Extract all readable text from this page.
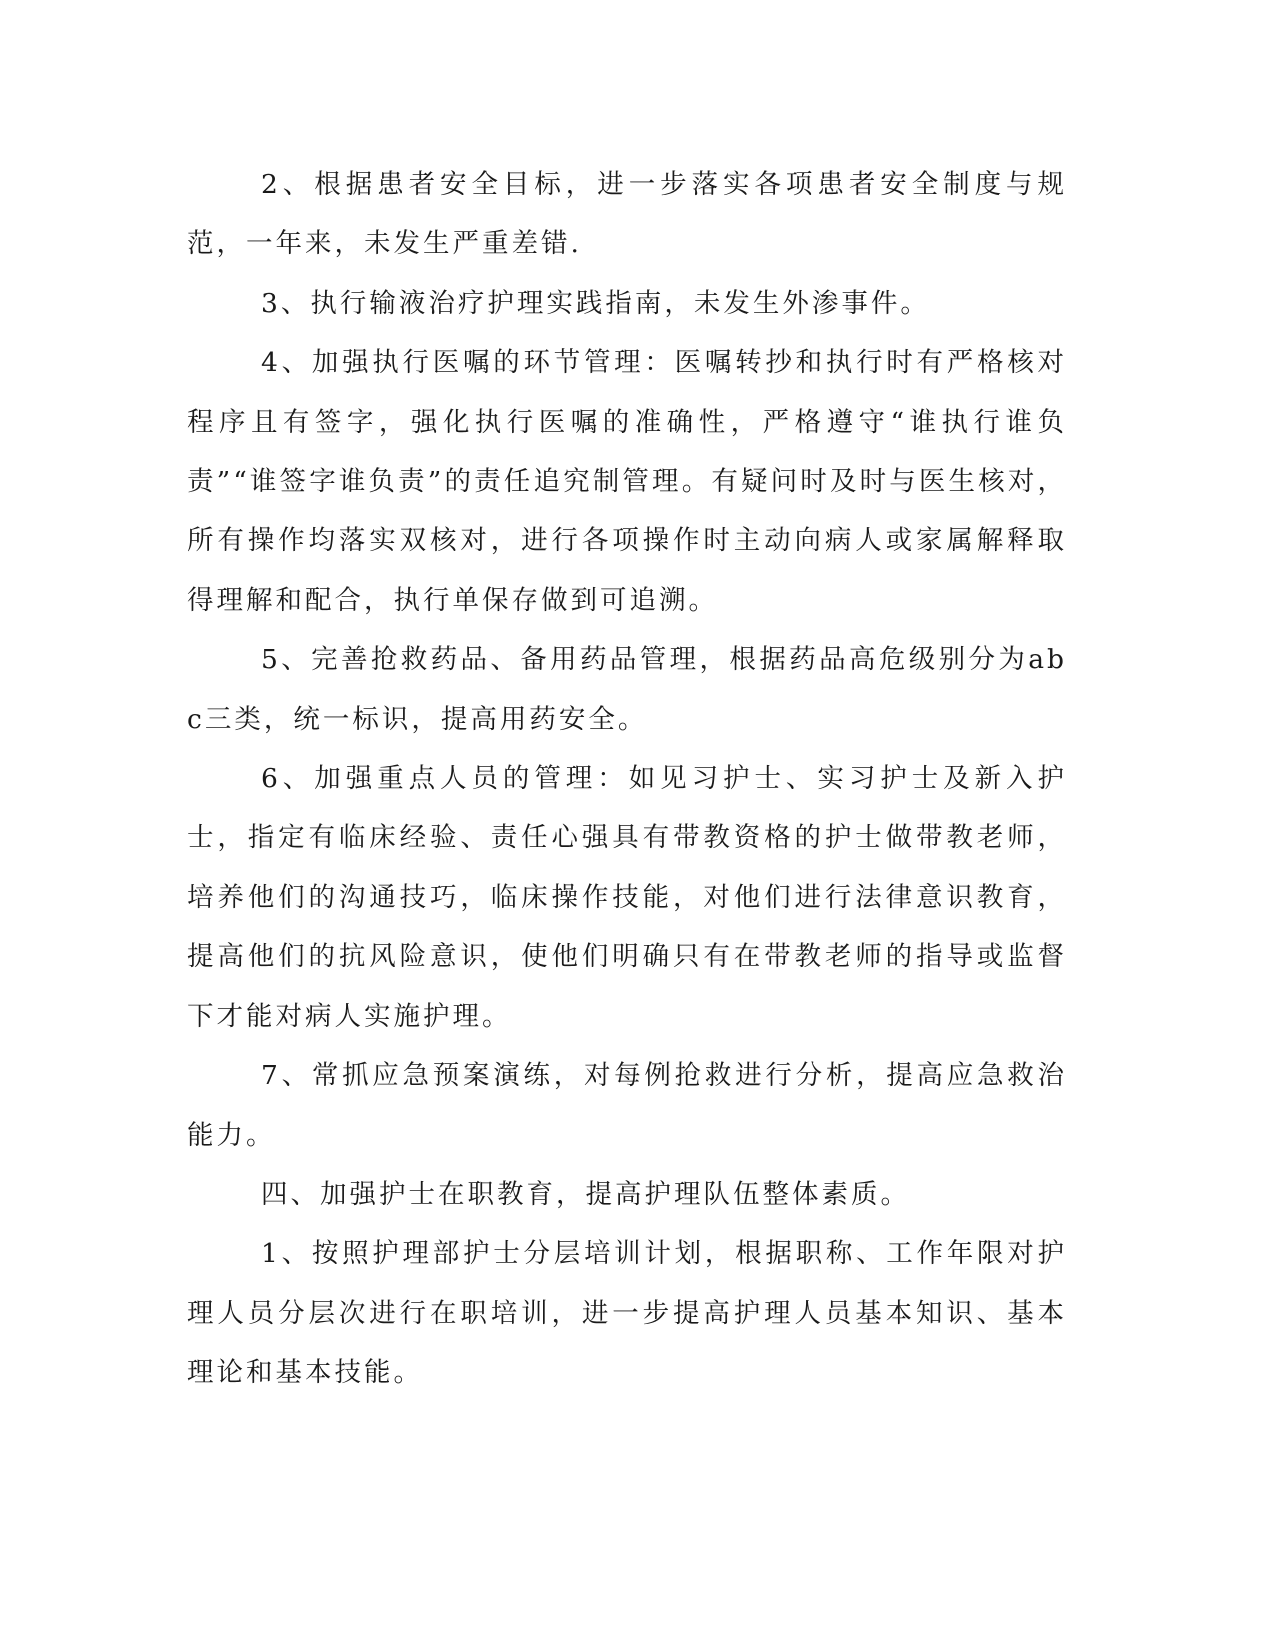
2、根据患者安全目标，进一步落实各项患者安全制度与规范，一年来，未发生严重差错.

3、执行输液治疗护理实践指南，未发生外渗事件。

4、加强执行医嘱的环节管理：医嘱转抄和执行时有严格核对程序且有签字，强化执行医嘱的准确性，严格遵守“谁执行谁负责”“谁签字谁负责”的责任追究制管理。有疑问时及时与医生核对，所有操作均落实双核对，进行各项操作时主动向病人或家属解释取得理解和配合，执行单保存做到可追溯。

5、完善抢救药品、备用药品管理，根据药品高危级别分为abc三类，统一标识，提高用药安全。

6、加强重点人员的管理：如见习护士、实习护士及新入护士，指定有临床经验、责任心强具有带教资格的护士做带教老师，培养他们的沟通技巧，临床操作技能，对他们进行法律意识教育，提高他们的抗风险意识，使他们明确只有在带教老师的指导或监督下才能对病人实施护理。

7、常抓应急预案演练，对每例抢救进行分析，提高应急救治能力。

四、加强护士在职教育，提高护理队伍整体素质。

1、按照护理部护士分层培训计划，根据职称、工作年限对护理人员分层次进行在职培训，进一步提高护理人员基本知识、基本理论和基本技能。
